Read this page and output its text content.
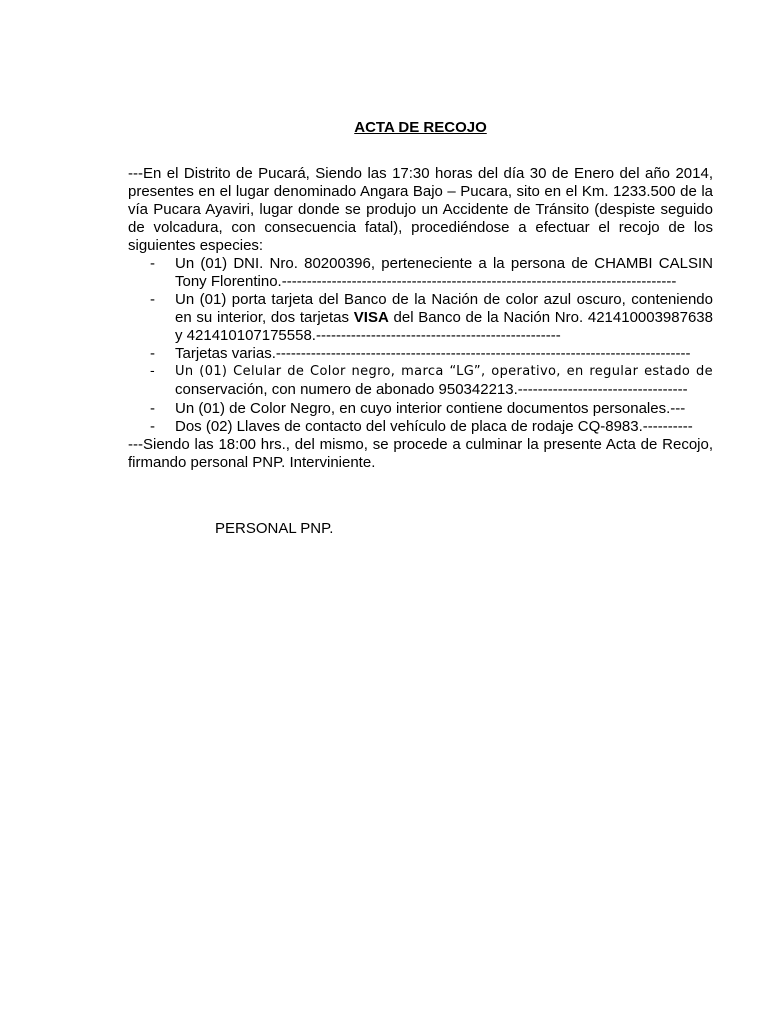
ACTA DE RECOJO

---En el Distrito de Pucará, Siendo las 17:30 horas del día 30 de Enero del año 2014, presentes en el lugar denominado Angara Bajo – Pucara, sito en el Km. 1233.500 de la vía Pucara Ayaviri, lugar donde se produjo un Accidente de Tránsito (despiste seguido de volcadura, con consecuencia fatal), procediéndose a efectuar el recojo de los siguientes especies:

- Un (01) DNI. Nro. 80200396, perteneciente a la persona de CHAMBI CALSIN Tony Florentino.-------------------------------------------------------------------------------
- Un (01) porta tarjeta del Banco de la Nación de color azul oscuro, conteniendo en su interior, dos tarjetas VISA del Banco de la Nación Nro. 421410003987638 y 421410107175558.-------------------------------------------------
- Tarjetas varias.-----------------------------------------------------------------------------------
- Un (01) Celular de Color negro, marca “LG”, operativo, en regular estado de conservación, con numero de abonado 950342213.----------------------------------
- Un (01) de Color Negro, en cuyo interior contiene documentos personales.---
- Dos (02) Llaves de contacto del vehículo de placa de rodaje CQ-8983.----------

---Siendo las 18:00 hrs., del mismo, se procede a culminar la presente Acta de Recojo, firmando personal PNP. Interviniente.

PERSONAL PNP.
